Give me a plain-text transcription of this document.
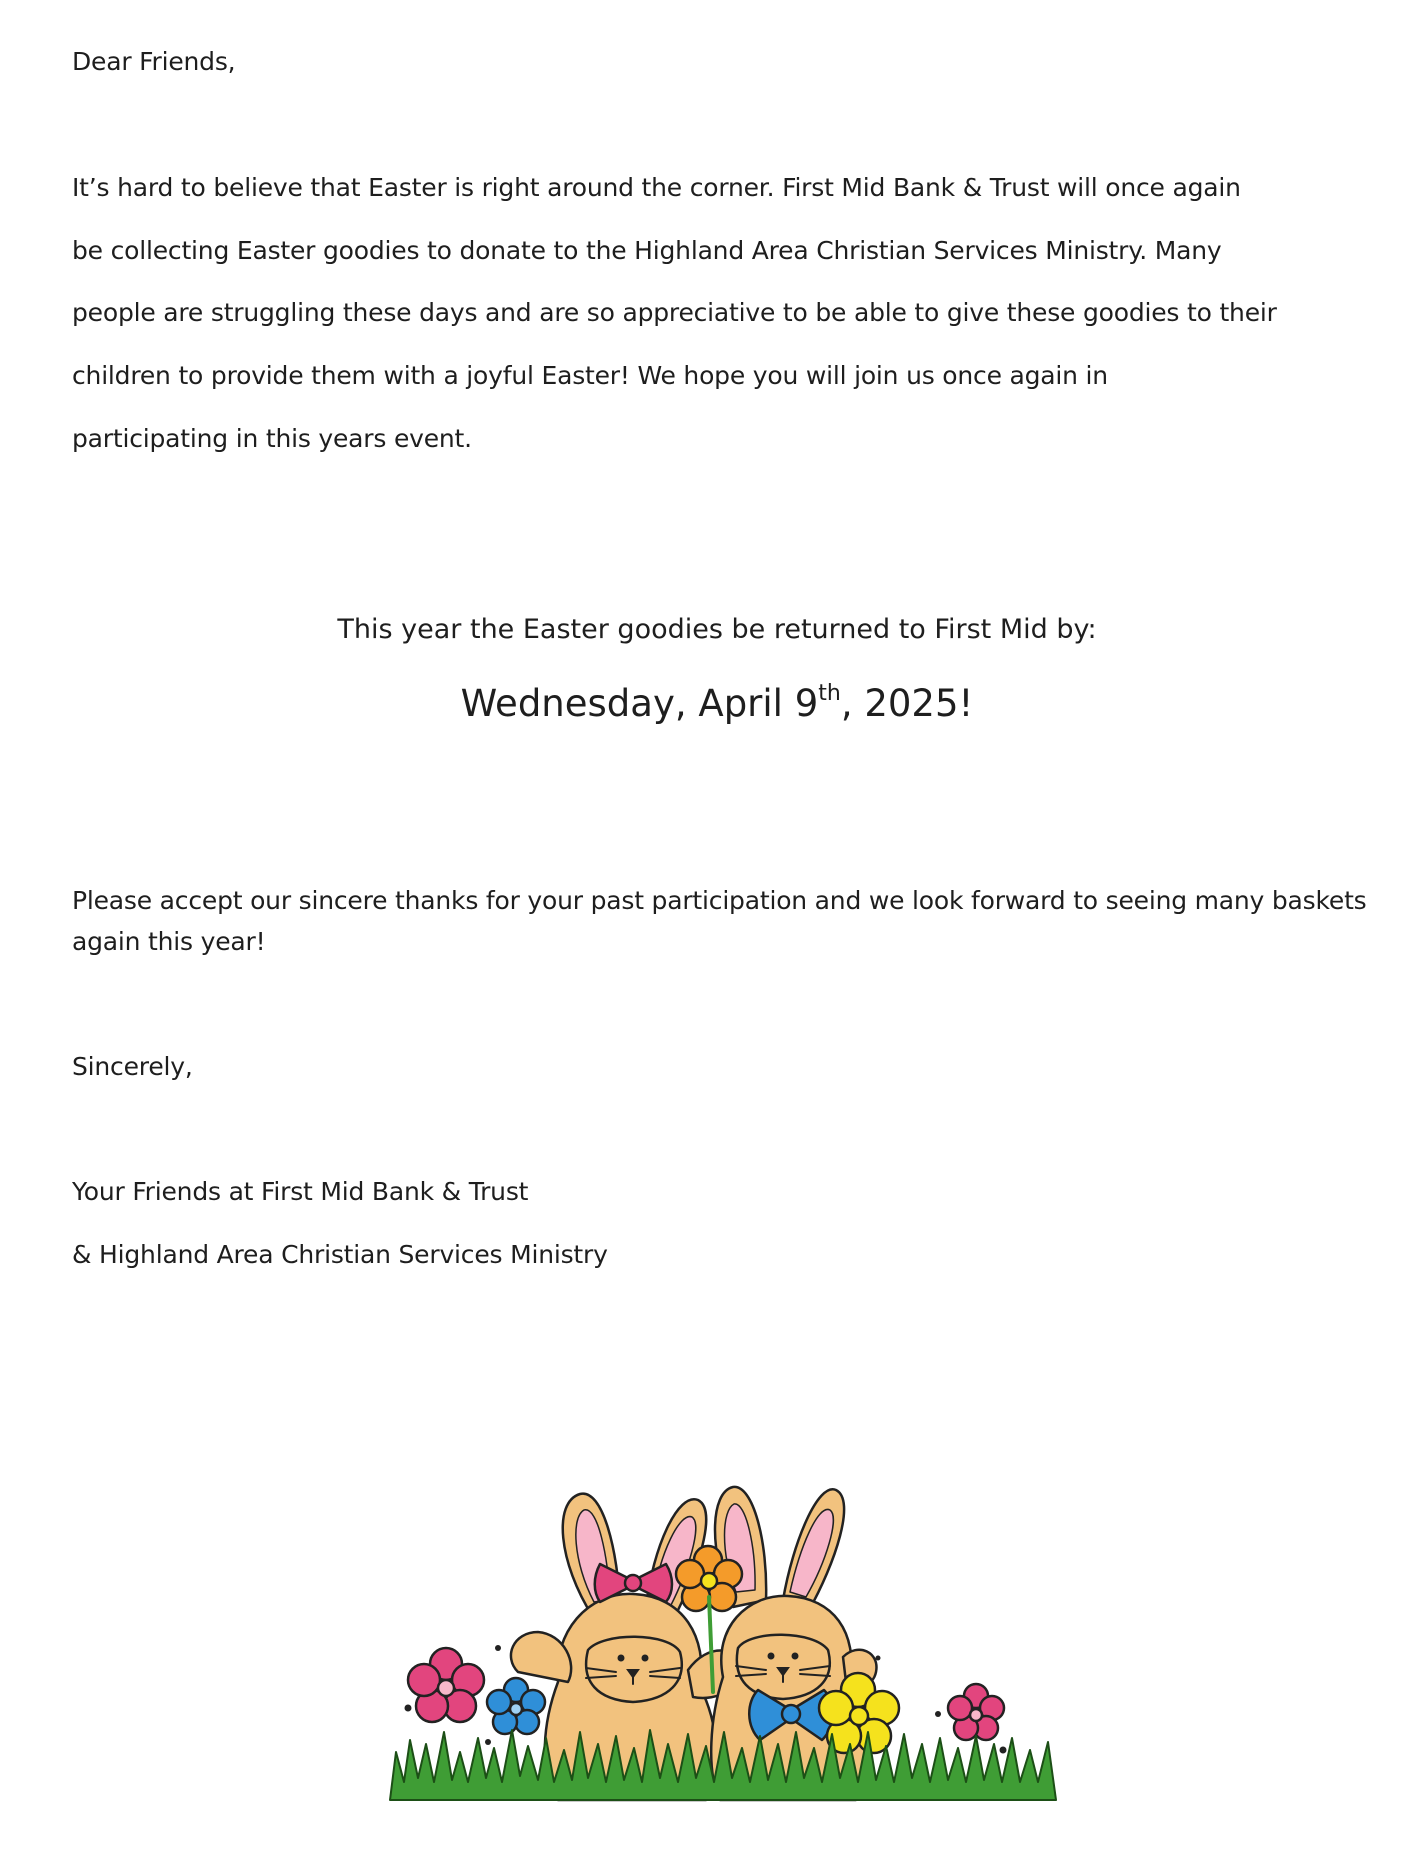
Dear Friends,
It’s hard to believe that Easter is right around the corner. First Mid Bank & Trust will once again
be collecting Easter goodies to donate to the Highland Area Christian Services Ministry. Many
people are struggling these days and are so appreciative to be able to give these goodies to their
children to provide them with a joyful Easter! We hope you will join us once again in
participating in this years event.
This year the Easter goodies be returned to First Mid by:
Wednesday, April 9th, 2025!
Please accept our sincere thanks for your past participation and we look forward to seeing many baskets
again this year!
Sincerely,
Your Friends at First Mid Bank & Trust
& Highland Area Christian Services Ministry
